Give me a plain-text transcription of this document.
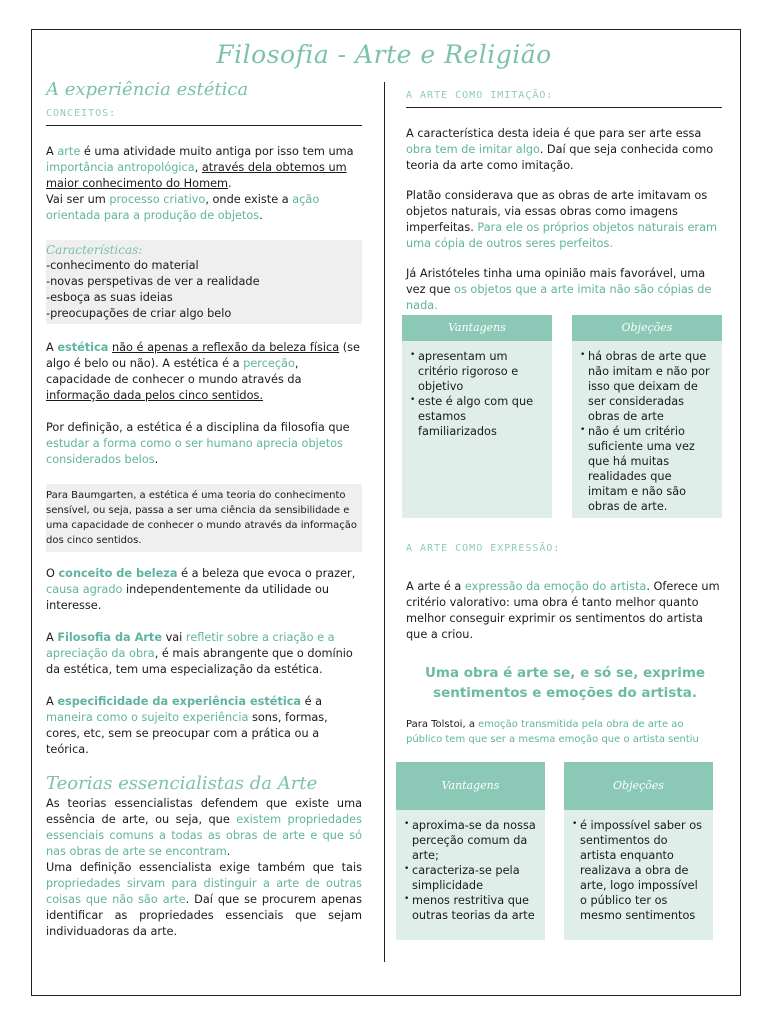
Filosofia - Arte e Religião
A experiência estética
CONCEITOS:

A arte é uma atividade muito antiga por isso tem uma importância antropológica, através dela obtemos um maior conhecimento do Homem.

Vai ser um processo criativo, onde existe a ação orientada para a produção de objetos.

Características:
-conhecimento do material
-novas perspetivas de ver a realidade
-esboça as suas ideias
-preocupações de criar algo belo

A estética não é apenas a reflexão da beleza física (se algo é belo ou não). A estética é a perceção, capacidade de conhecer o mundo através da informação dada pelos cinco sentidos.

Por definição, a estética é a disciplina da filosofia que estudar a forma como o ser humano aprecia objetos considerados belos.

Para Baumgarten, a estética é uma teoria do conhecimento sensível, ou seja, passa a ser uma ciência da sensibilidade e uma capacidade de conhecer o mundo através da informação dos cinco sentidos.

O conceito de beleza é a beleza que evoca o prazer, causa agrado independentemente da utilidade ou interesse.

A Filosofia da Arte vai refletir sobre a criação e a apreciação da obra, é mais abrangente que o domínio da estética, tem uma especialização da estética.

A especificidade da experiência estética é a maneira como o sujeito experiência sons, formas, cores, etc, sem se preocupar com a prática ou a teórica.

Teorias essencialistas da Arte

As teorias essencialistas defendem que existe uma essência de arte, ou seja, que existem propriedades essenciais comuns a todas as obras de arte e que só nas obras de arte se encontram.

Uma definição essencialista exige também que tais propriedades sirvam para distinguir a arte de outras coisas que não são arte. Daí que se procurem apenas identificar as propriedades essenciais que sejam individuadoras da arte.

A ARTE COMO IMITAÇÃO:

A característica desta ideia é que para ser arte essa obra tem de imitar algo. Daí que seja conhecida como teoria da arte como imitação.

Platão considerava que as obras de arte imitavam os objetos naturais, via essas obras como imagens imperfeitas. Para ele os próprios objetos naturais eram uma cópia de outros seres perfeitos.

Já Aristóteles tinha uma opinião mais favorável, uma vez que os objetos que a arte imita não são cópias de nada.

Vantagens
• apresentam um critério rigoroso e objetivo
• este é algo com que estamos familiarizados
Objeções
• há obras de arte que não imitam e não por isso que deixam de ser consideradas obras de arte
• não é um critério suficiente uma vez que há muitas realidades que imitam e não são obras de arte.
A ARTE COMO EXPRESSÃO:

A arte é a expressão da emoção do artista. Oferece um critério valorativo: uma obra é tanto melhor quanto melhor conseguir exprimir os sentimentos do artista que a criou.

Uma obra é arte se, e só se, exprime sentimentos e emoções do artista.

Para Tolstoi, a emoção transmitida pela obra de arte ao público tem que ser a mesma emoção que o artista sentiu

Vantagens
• aproxima-se da nossa perceção comum da arte;
• caracteriza-se pela simplicidade
• menos restritiva que outras teorias da arte
Objeções
• é impossível saber os sentimentos do artista enquanto realizava a obra de arte, logo impossível o público ter os mesmo sentimentos
